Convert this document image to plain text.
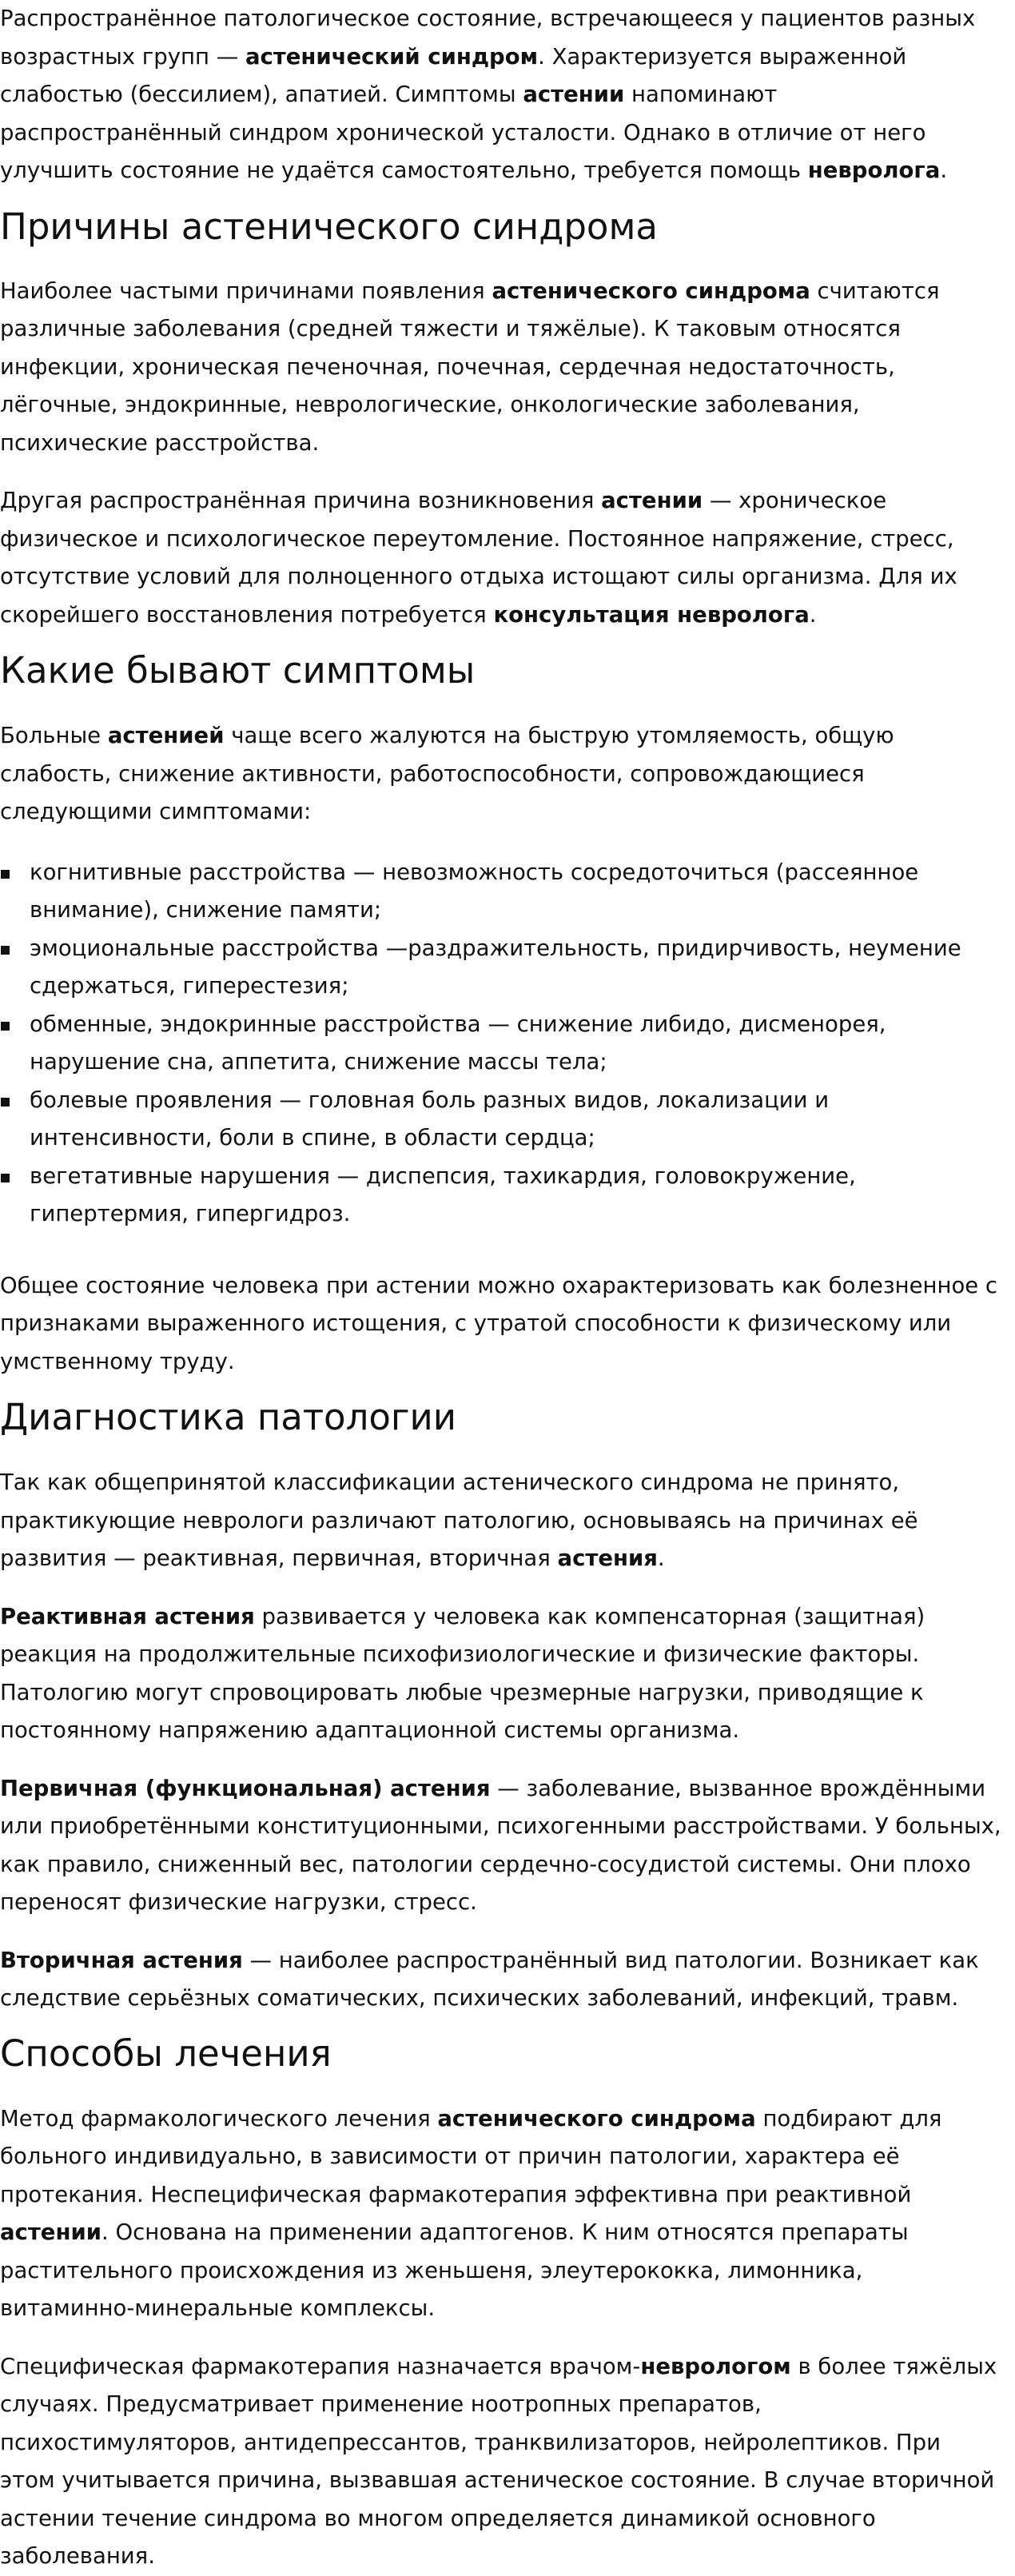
Распространённое патологическое состояние, встречающееся у пациентов разных возрастных групп — астенический синдром. Характеризуется выраженной слабостью (бессилием), апатией. Симптомы астении напоминают распространённый синдром хронической усталости. Однако в отличие от него улучшить состояние не удаётся самостоятельно, требуется помощь невролога.

Причины астенического синдрома

Наиболее частыми причинами появления астенического синдрома считаются различные заболевания (средней тяжести и тяжёлые). К таковым относятся инфекции, хроническая печеночная, почечная, сердечная недостаточность, лёгочные, эндокринные, неврологические, онкологические заболевания, психические расстройства.

Другая распространённая причина возникновения астении — хроническое физическое и психологическое переутомление. Постоянное напряжение, стресс, отсутствие условий для полноценного отдыха истощают силы организма. Для их скорейшего восстановления потребуется консультация невролога.

Какие бывают симптомы

Больные астенией чаще всего жалуются на быструю утомляемость, общую слабость, снижение активности, работоспособности, сопровождающиеся следующими симптомами:

когнитивные расстройства — невозможность сосредоточиться (рассеянное внимание), снижение памяти;
эмоциональные расстройства —раздражительность, придирчивость, неумение сдержаться, гиперестезия;
обменные, эндокринные расстройства — снижение либидо, дисменорея, нарушение сна, аппетита, снижение массы тела;
болевые проявления — головная боль разных видов, локализации и интенсивности, боли в спине, в области сердца;
вегетативные нарушения — диспепсия, тахикардия, головокружение, гипертермия, гипергидроз.

Общее состояние человека при астении можно охарактеризовать как болезненное с признаками выраженного истощения, с утратой способности к физическому или умственному труду.

Диагностика патологии

Так как общепринятой классификации астенического синдрома не принято, практикующие неврологи различают патологию, основываясь на причинах её развития — реактивная, первичная, вторичная астения.

Реактивная астения развивается у человека как компенсаторная (защитная) реакция на продолжительные психофизиологические и физические факторы. Патологию могут спровоцировать любые чрезмерные нагрузки, приводящие к постоянному напряжению адаптационной системы организма.

Первичная (функциональная) астения — заболевание, вызванное врождёнными или приобретёнными конституционными, психогенными расстройствами. У больных, как правило, сниженный вес, патологии сердечно-сосудистой системы. Они плохо переносят физические нагрузки, стресс.

Вторичная астения — наиболее распространённый вид патологии. Возникает как следствие серьёзных соматических, психических заболеваний, инфекций, травм.

Способы лечения

Метод фармакологического лечения астенического синдрома подбирают для больного индивидуально, в зависимости от причин патологии, характера её протекания. Неспецифическая фармакотерапия эффективна при реактивной астении. Основана на применении адаптогенов. К ним относятся препараты растительного происхождения из женьшеня, элеутерококка, лимонника, витаминно-минеральные комплексы.

Специфическая фармакотерапия назначается врачом-неврологом в более тяжёлых случаях. Предусматривает применение ноотропных препаратов, психостимуляторов, антидепрессантов, транквилизаторов, нейролептиков. При этом учитывается причина, вызвавшая астеническое состояние. В случае вторичной астении течение синдрома во многом определяется динамикой основного заболевания.
